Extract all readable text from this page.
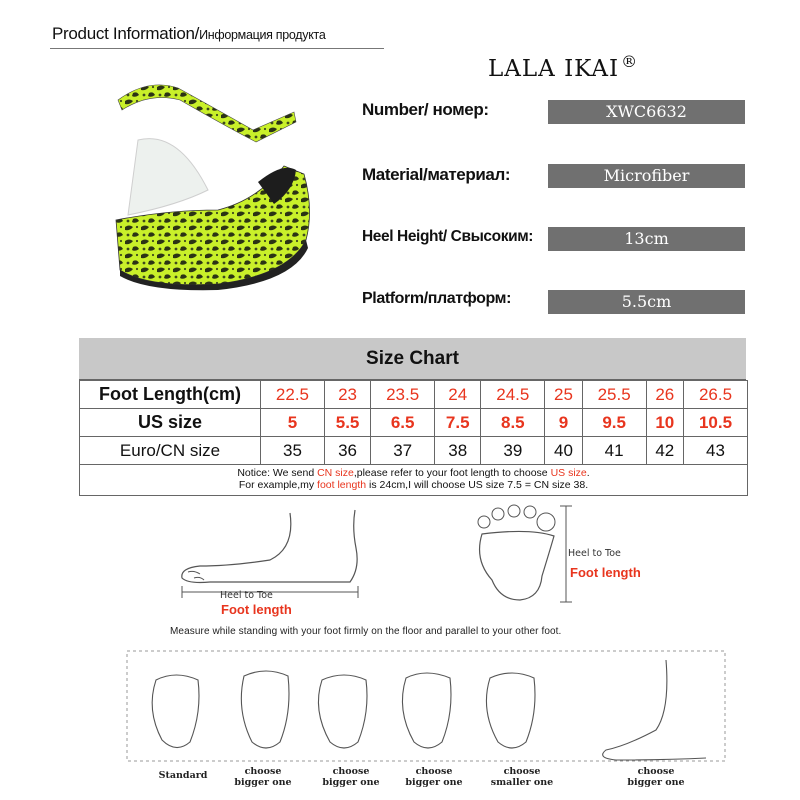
Product Information/Информация продукта
LALA IKAI ®
Number/ номер:	XWC6632
Material/материал:	Microfiber
Heel Height/ Свысоким:	13cm
Platform/платформ:	5.5cm
Size Chart
Foot Length(cm)	22.5	23	23.5	24	24.5	25	25.5	26	26.5
US size	5	5.5	6.5	7.5	8.5	9	9.5	10	10.5
Euro/CN size	35	36	37	38	39	40	41	42	43
Notice: We send CN size,please refer to your foot length to choose US size.
For example,my foot length is 24cm,I will choose US size 7.5 = CN size 38.
Heel to Toe
Foot length
Heel to Toe
Foot length
Measure while standing with your foot firmly on the floor and parallel to your other foot.
Standard	choose
bigger one
choose
bigger one
choose
bigger one
choose
smaller one
choose
bigger one
